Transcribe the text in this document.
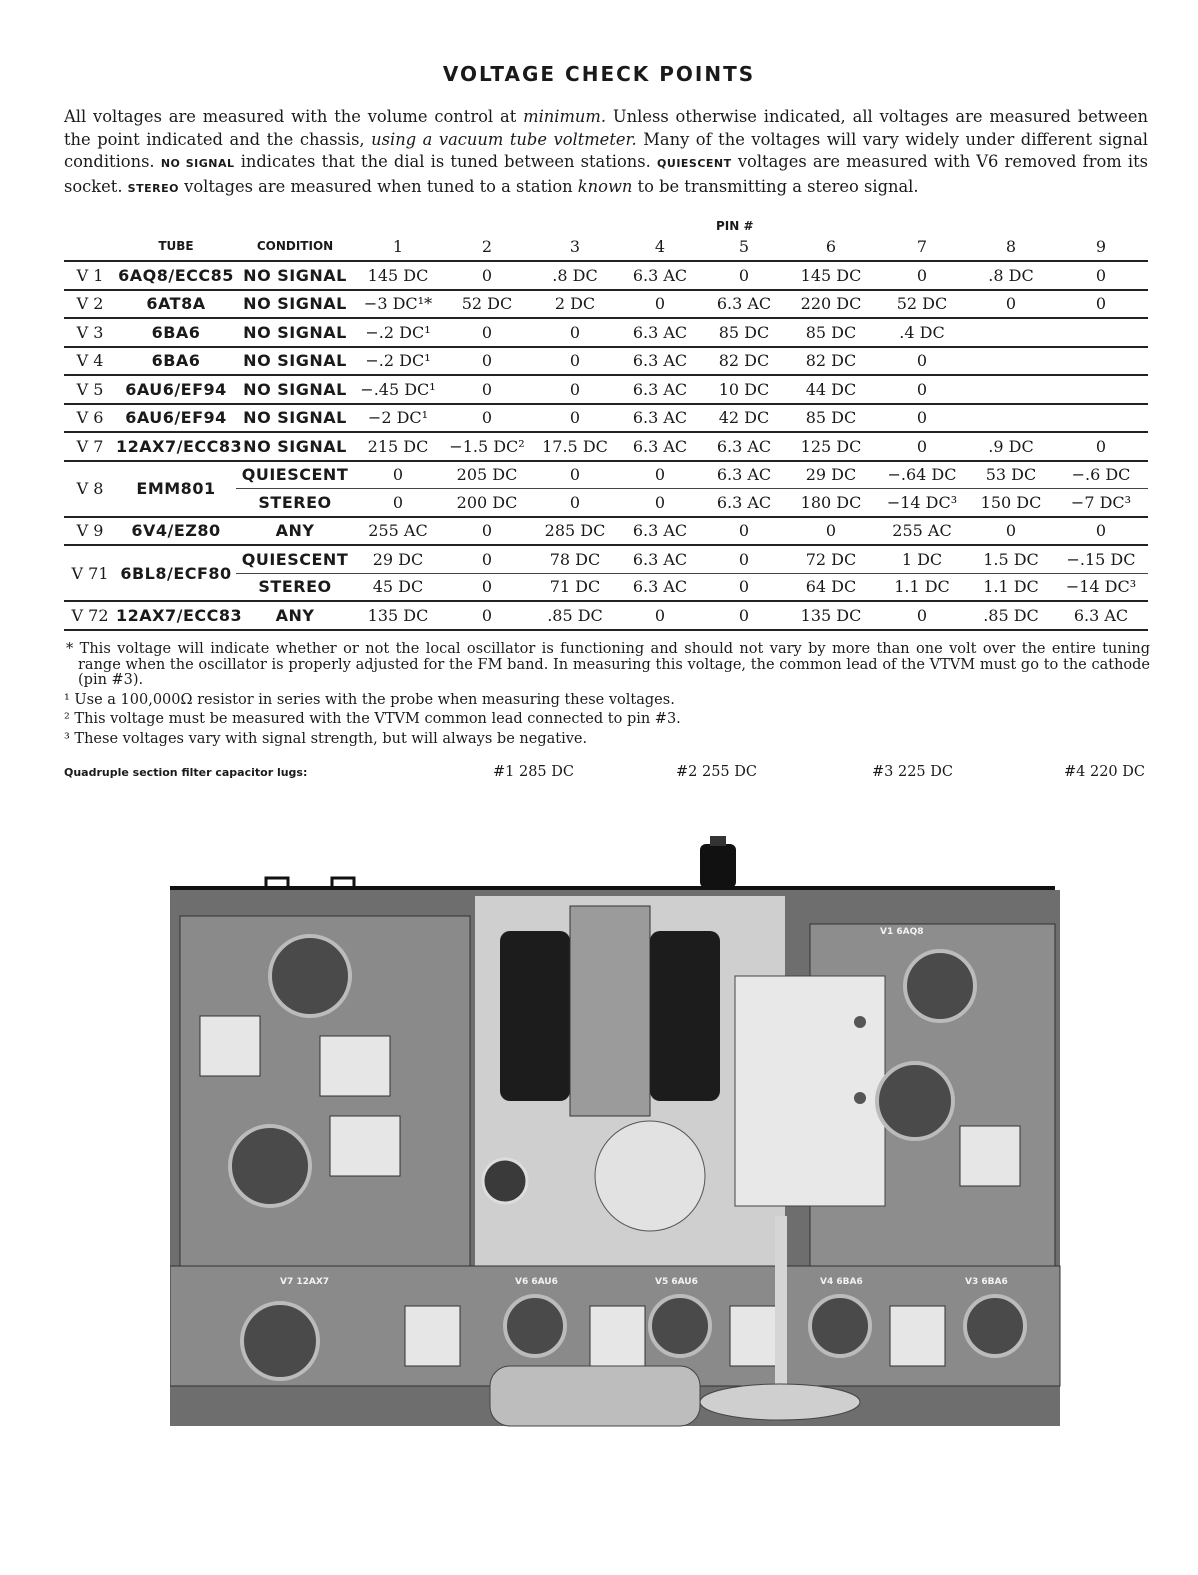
VOLTAGE CHECK POINTS
All voltages are measured with the volume control at minimum. Unless otherwise indicated, all voltages are measured between the point indicated and the chassis, using a vacuum tube voltmeter. Many of the voltages will vary widely under different signal conditions. NO SIGNAL indicates that the dial is tuned between stations. QUIESCENT voltages are measured with V6 removed from its socket. STEREO voltages are measured when tuned to a station known to be transmitting a stereo signal.
PIN #
	TUBE	CONDITION	1	2	3	4	5	6	7	8	9
V 1	6AQ8/ECC85	NO SIGNAL	145 DC	0	.8 DC	6.3 AC	0	145 DC	0	.8 DC	0
V 2	6AT8A	NO SIGNAL	−3 DC¹*	52 DC	2 DC	0	6.3 AC	220 DC	52 DC	0	0
V 3	6BA6	NO SIGNAL	−.2 DC¹	0	0	6.3 AC	85 DC	85 DC	.4 DC		
V 4	6BA6	NO SIGNAL	−.2 DC¹	0	0	6.3 AC	82 DC	82 DC	0		
V 5	6AU6/EF94	NO SIGNAL	−.45 DC¹	0	0	6.3 AC	10 DC	44 DC	0		
V 6	6AU6/EF94	NO SIGNAL	−2 DC¹	0	0	6.3 AC	42 DC	85 DC	0		
V 7	12AX7/ECC83	NO SIGNAL	215 DC	−1.5 DC²	17.5 DC	6.3 AC	6.3 AC	125 DC	0	.9 DC	0
V 8	EMM801	QUIESCENT	0	205 DC	0	0	6.3 AC	29 DC	−.64 DC	53 DC	−.6 DC
		STEREO	0	200 DC	0	0	6.3 AC	180 DC	−14 DC³	150 DC	−7 DC³
V 9	6V4/EZ80	ANY	255 AC	0	285 DC	6.3 AC	0	0	255 AC	0	0
V 71	6BL8/ECF80	QUIESCENT	29 DC	0	78 DC	6.3 AC	0	72 DC	1 DC	1.5 DC	−.15 DC
		STEREO	45 DC	0	71 DC	6.3 AC	0	64 DC	1.1 DC	1.1 DC	−14 DC³
V 72	12AX7/ECC83	ANY	135 DC	0	.85 DC	0	0	135 DC	0	.85 DC	6.3 AC

* This voltage will indicate whether or not the local oscillator is functioning and should not vary by more than one volt over the entire tuning range when the oscillator is properly adjusted for the FM band. In measuring this voltage, the common lead of the VTVM must go to the cathode (pin #3).

¹ Use a 100,000Ω resistor in series with the probe when measuring these voltages.

² This voltage must be measured with the VTVM common lead connected to pin #3.

³ These voltages vary with signal strength, but will always be negative.

Quadruple section filter capacitor lugs:	#1 285 DC	#2 255 DC	#3 225 DC	#4 220 DC
V1 6AQ8
V7 12AX7	V6 6AU6	V5 6AU6	V4 6BA6	V3 6BA6
